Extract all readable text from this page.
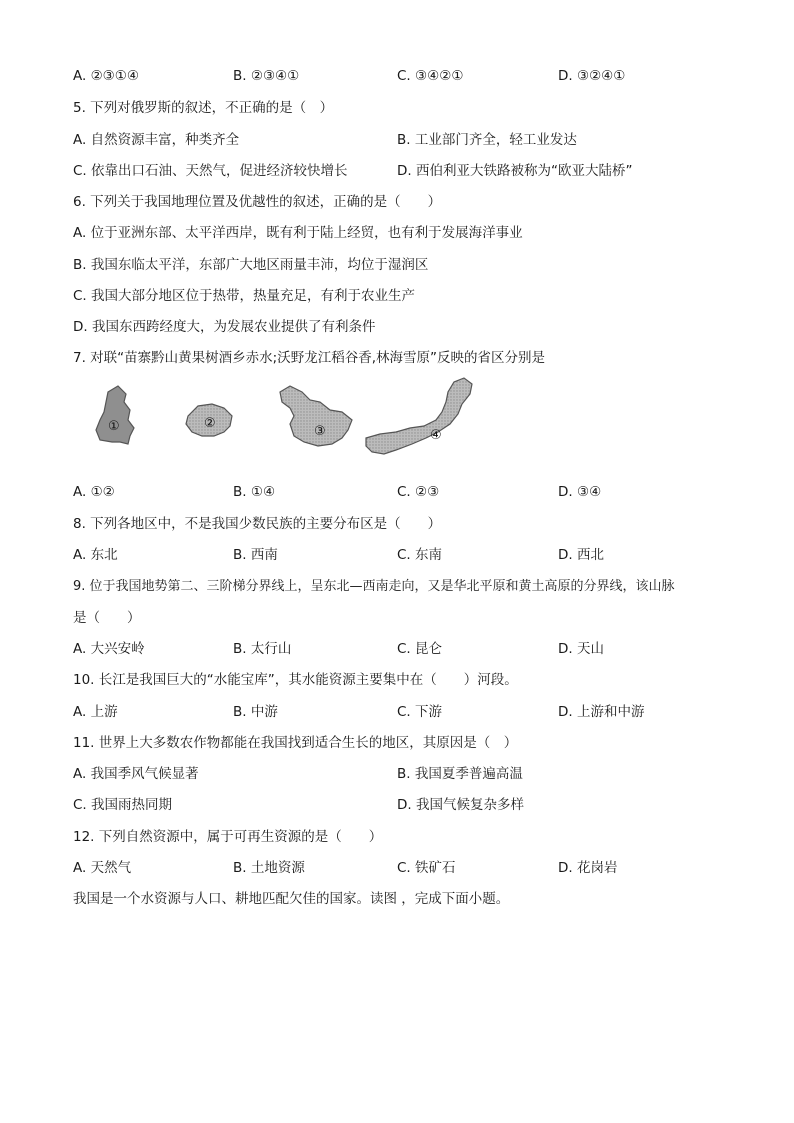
A. ②③①④	B. ②③④①	C. ③④②①	D. ③②④①
5. 下列对俄罗斯的叙述，不正确的是（　）
A. 自然资源丰富，种类齐全	B. 工业部门齐全，轻工业发达
C. 依靠出口石油、天然气，促进经济较快增长	D. 西伯利亚大铁路被称为“欧亚大陆桥”
6. 下列关于我国地理位置及优越性的叙述，正确的是（　　）
A. 位于亚洲东部、太平洋西岸，既有利于陆上经贸，也有利于发展海洋事业
B. 我国东临太平洋，东部广大地区雨量丰沛，均位于湿润区
C. 我国大部分地区位于热带，热量充足，有利于农业生产
D. 我国东西跨经度大，为发展农业提供了有利条件
7. 对联“苗寨黔山黄果树酒乡赤水;沃野龙江稻谷香,林海雪原”反映的省区分别是
①	②
③	④
A. ①②	B. ①④	C. ②③	D. ③④
8. 下列各地区中，不是我国少数民族的主要分布区是（　　）
A. 东北	B. 西南	C. 东南	D. 西北
9. 位于我国地势第二、三阶梯分界线上，呈东北—西南走向，又是华北平原和黄土高原的分界线，该山脉
是（　　）
A. 大兴安岭	B. 太行山	C. 昆仑	D. 天山
10. 长江是我国巨大的“水能宝库”，其水能资源主要集中在（　　）河段。
A. 上游	B. 中游	C. 下游	D. 上游和中游
11. 世界上大多数农作物都能在我国找到适合生长的地区，其原因是（　）
A. 我国季风气候显著	B. 我国夏季普遍高温
C. 我国雨热同期	D. 我国气候复杂多样
12. 下列自然资源中，属于可再生资源的是（　　）
A. 天然气	B. 土地资源	C. 铁矿石	D. 花岗岩
我国是一个水资源与人口、耕地匹配欠佳的国家。读图 ，完成下面小题。
